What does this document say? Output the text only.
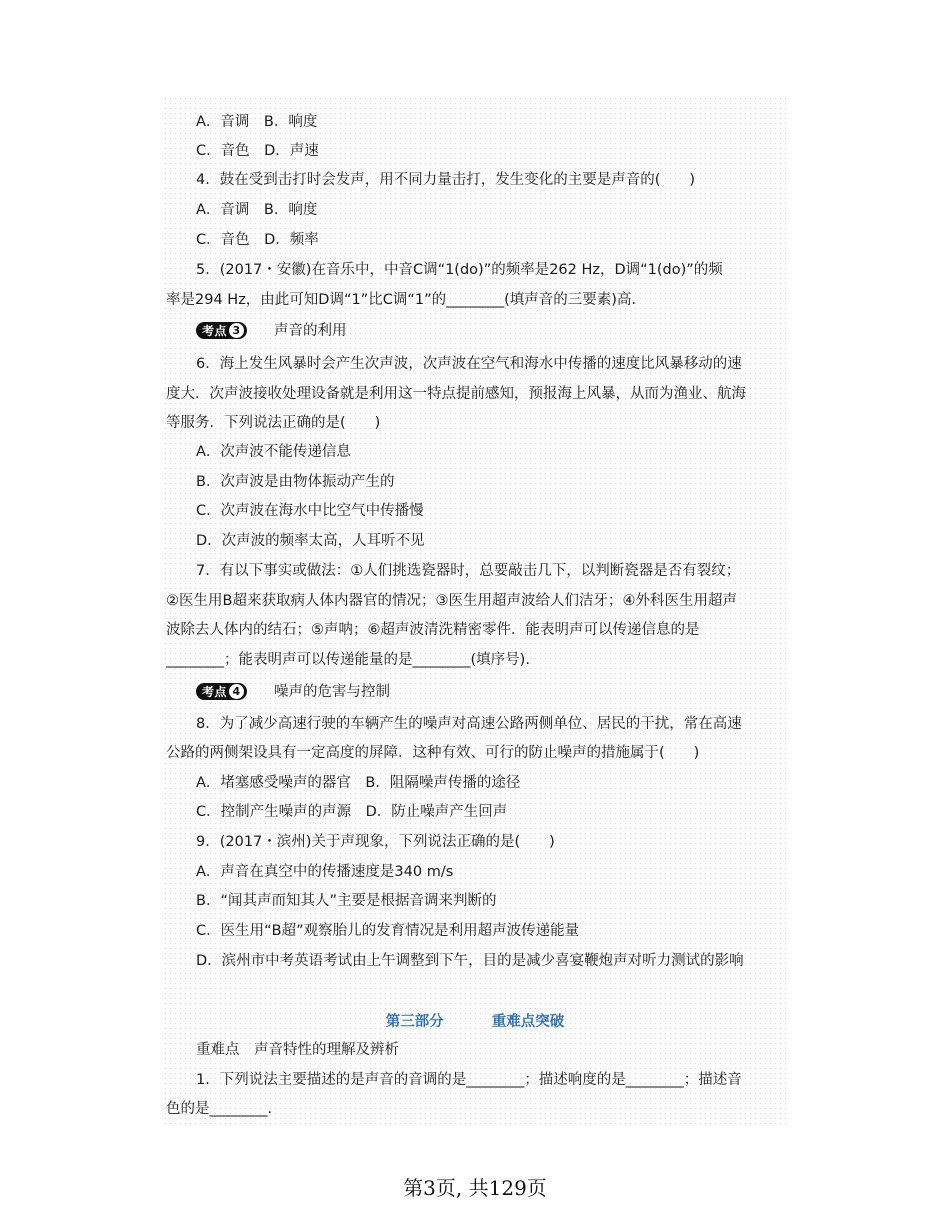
A．音调　B．响度
C．音色　D．声速
4．鼓在受到击打时会发声，用不同力量击打，发生变化的主要是声音的(　　)
A．音调　B．响度
C．音色　D．频率
5．(2017・安徽)在音乐中，中音C调“1(do)”的频率是262 Hz，D调“1(do)”的频
率是294 Hz，由此可知D调“1”比C调“1”的________(填声音的三要素)高.
考点 3 声音的利用
6．海上发生风暴时会产生次声波，次声波在空气和海水中传播的速度比风暴移动的速
度大．次声波接收处理设备就是利用这一特点提前感知，预报海上风暴，从而为渔业、航海
等服务．下列说法正确的是(　　)
A．次声波不能传递信息
B．次声波是由物体振动产生的
C．次声波在海水中比空气中传播慢
D．次声波的频率太高，人耳听不见
7．有以下事实或做法：①人们挑选瓷器时，总要敲击几下，以判断瓷器是否有裂纹；
②医生用B超来获取病人体内器官的情况；③医生用超声波给人们洁牙；④外科医生用超声
波除去人体内的结石；⑤声呐；⑥超声波清洗精密零件．能表明声可以传递信息的是
________；能表明声可以传递能量的是________(填序号).
考点 4 噪声的危害与控制
8．为了减少高速行驶的车辆产生的噪声对高速公路两侧单位、居民的干扰，常在高速
公路的两侧架设具有一定高度的屏障．这种有效、可行的防止噪声的措施属于(　　)
A．堵塞感受噪声的器官　B．阻隔噪声传播的途径
C．控制产生噪声的声源　D．防止噪声产生回声
9．(2017・滨州)关于声现象，下列说法正确的是(　　)
A．声音在真空中的传播速度是340 m/s
B．“闻其声而知其人”主要是根据音调来判断的
C．医生用“B超”观察胎儿的发育情况是利用超声波传递能量
D．滨州市中考英语考试由上午调整到下午，目的是减少喜宴鞭炮声对听力测试的影响
第三部分	重难点突破
重难点　声音特性的理解及辨析
1．下列说法主要描述的是声音的音调的是________；描述响度的是________；描述音
色的是________.
第3页, 共129页
